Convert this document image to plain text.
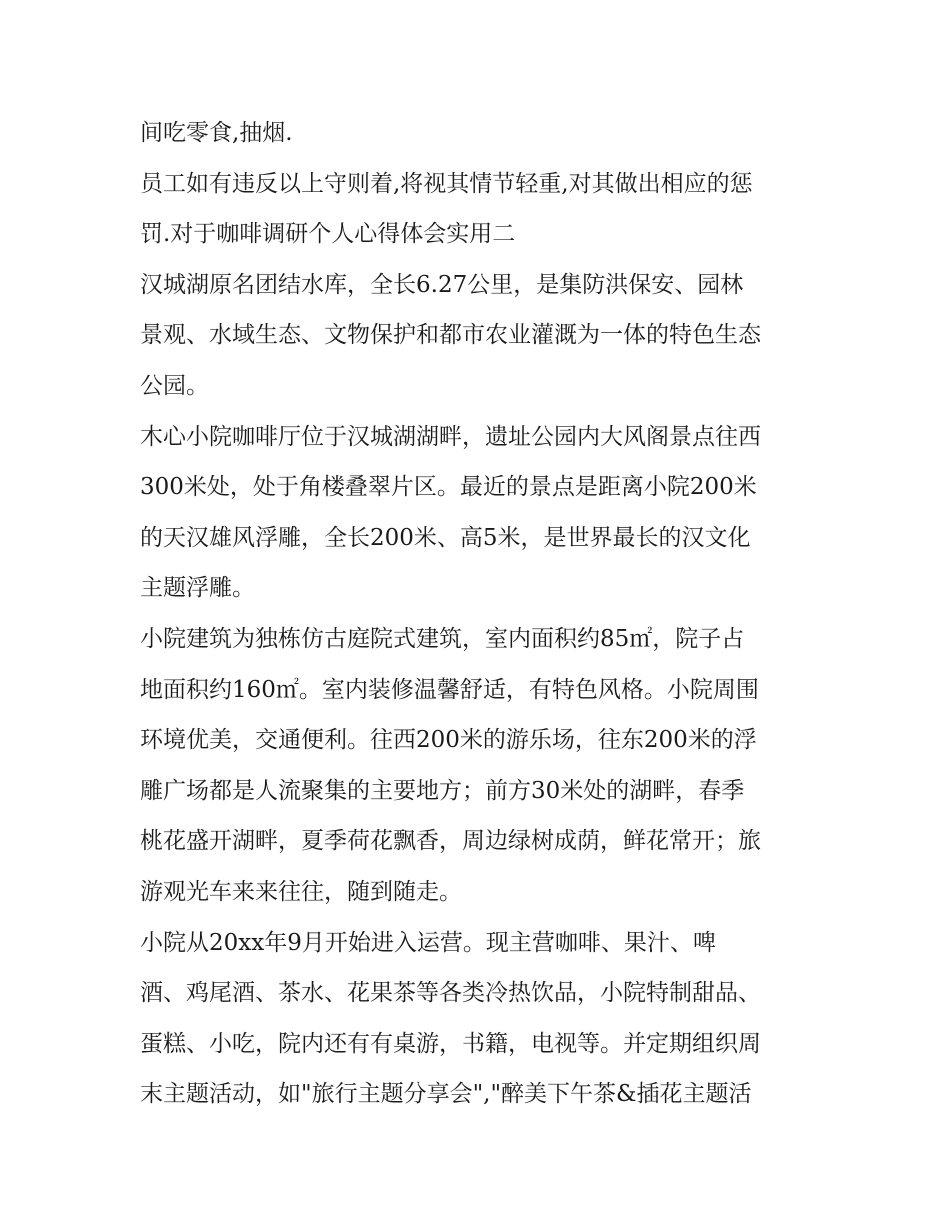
间吃零食,抽烟.
员工如有违反以上守则着,将视其情节轻重,对其做出相应的惩
罚.对于咖啡调研个人心得体会实用二
汉城湖原名团结水库，全长6.27公里，是集防洪保安、园林
景观、水域生态、文物保护和都市农业灌溉为一体的特色生态
公园。
木心小院咖啡厅位于汉城湖湖畔，遗址公园内大风阁景点往西
300米处，处于角楼叠翠片区。最近的景点是距离小院200米
的天汉雄风浮雕，全长200米、高5米，是世界最长的汉文化
主题浮雕。
小院建筑为独栋仿古庭院式建筑，室内面积约85㎡，院子占
地面积约160㎡。室内装修温馨舒适，有特色风格。小院周围
环境优美，交通便利。往西200米的游乐场，往东200米的浮
雕广场都是人流聚集的主要地方；前方30米处的湖畔，春季
桃花盛开湖畔，夏季荷花飘香，周边绿树成荫，鲜花常开；旅
游观光车来来往往，随到随走。
小院从20xx年9月开始进入运营。现主营咖啡、果汁、啤
酒、鸡尾酒、茶水、花果茶等各类冷热饮品，小院特制甜品、
蛋糕、小吃，院内还有有桌游，书籍，电视等。并定期组织周
末主题活动，如"旅行主题分享会","醉美下午茶&插花主题活
